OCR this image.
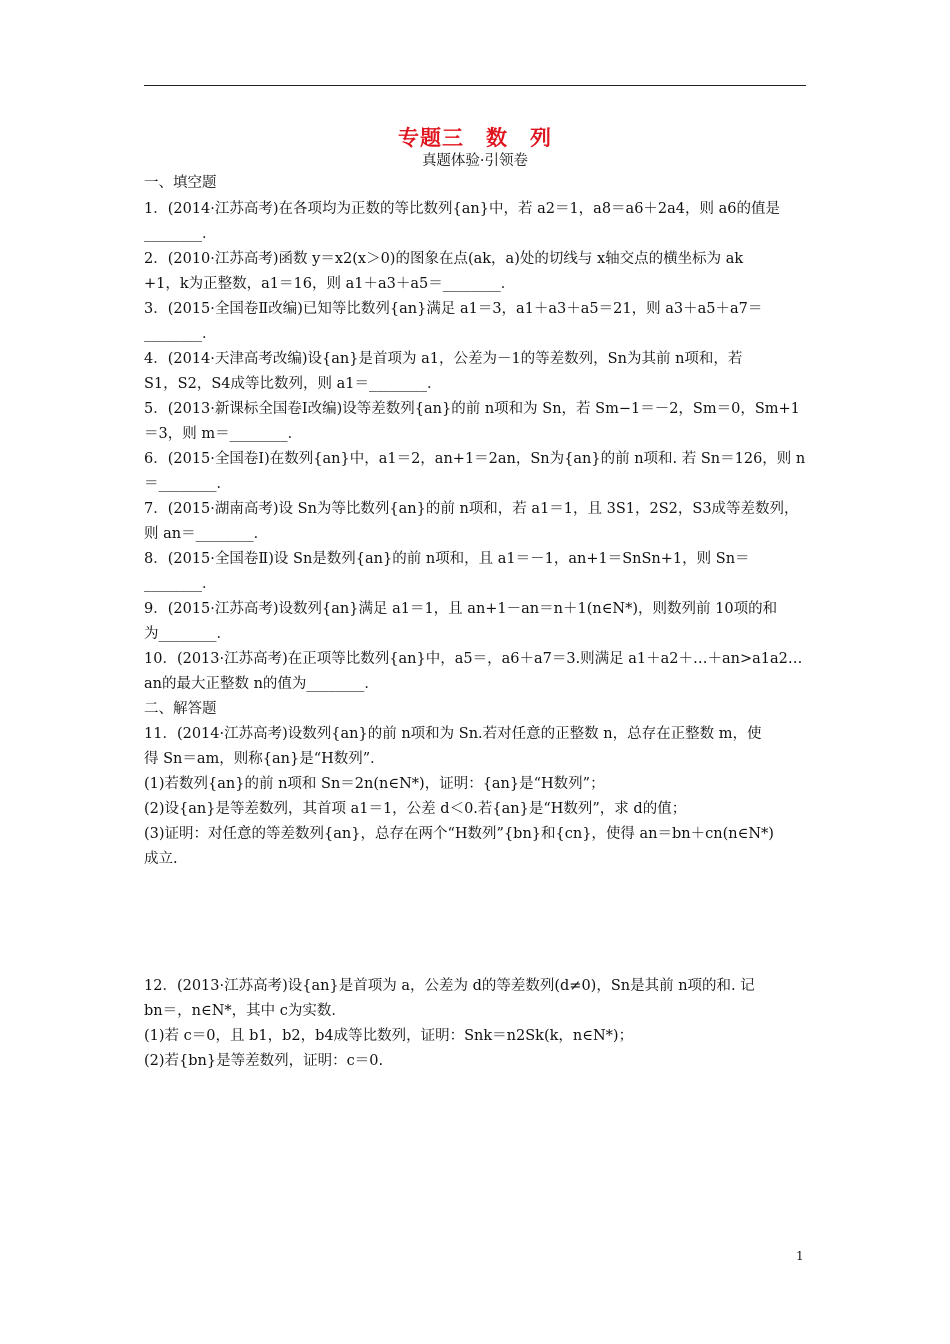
专题三　数　列
真题体验·引领卷
一、填空题
1．(2014·江苏高考)在各项均为正数的等比数列{an}中，若 a2＝1，a8＝a6＋2a4，则 a6的值是
________．
2．(2010·江苏高考)函数 y＝x2(x＞0)的图象在点(ak，a)处的切线与 x轴交点的横坐标为 ak
+1，k为正整数，a1＝16，则 a1＋a3＋a5＝________．
3．(2015·全国卷Ⅱ改编)已知等比数列{an}满足 a1＝3，a1＋a3＋a5＝21，则 a3＋a5＋a7＝
________．
4．(2014·天津高考改编)设{an}是首项为 a1，公差为－1的等差数列，Sn为其前 n项和，若
S1，S2，S4成等比数列，则 a1＝________．
5．(2013·新课标全国卷Ⅰ改编)设等差数列{an}的前 n项和为 Sn，若 Sm−1＝－2，Sm＝0，Sm+1
＝3，则 m＝________．
6．(2015·全国卷Ⅰ)在数列{an}中，a1＝2，an+1＝2an，Sn为{an}的前 n项和. 若 Sn＝126，则 n
＝________．
7．(2015·湖南高考)设 Sn为等比数列{an}的前 n项和，若 a1＝1，且 3S1，2S2，S3成等差数列，
则 an＝________．
8．(2015·全国卷Ⅱ)设 Sn是数列{an}的前 n项和，且 a1＝－1，an+1＝SnSn+1，则 Sn＝
________．
9．(2015·江苏高考)设数列{an}满足 a1＝1，且 an+1－an＝n＋1(n∈N*)，则数列前 10项的和
为________．
10．(2013·江苏高考)在正项等比数列{an}中，a5＝，a6＋a7＝3.则满足 a1＋a2＋…＋an>a1a2…
an的最大正整数 n的值为________．
二、解答题
11．(2014·江苏高考)设数列{an}的前 n项和为 Sn.若对任意的正整数 n，总存在正整数 m，使
得 Sn＝am，则称{an}是“H数列”．
(1)若数列{an}的前 n项和 Sn＝2n(n∈N*)，证明：{an}是“H数列”；
(2)设{an}是等差数列，其首项 a1＝1，公差 d＜0.若{an}是“H数列”，求 d的值；
(3)证明：对任意的等差数列{an}，总存在两个“H数列”{bn}和{cn}，使得 an＝bn＋cn(n∈N*)
成立.
12．(2013·江苏高考)设{an}是首项为 a，公差为 d的等差数列(d≠0)，Sn是其前 n项的和. 记
bn＝，n∈N*，其中 c为实数．
(1)若 c＝0，且 b1，b2，b4成等比数列，证明：Snk＝n2Sk(k，n∈N*)；
(2)若{bn}是等差数列，证明：c＝0.
1
